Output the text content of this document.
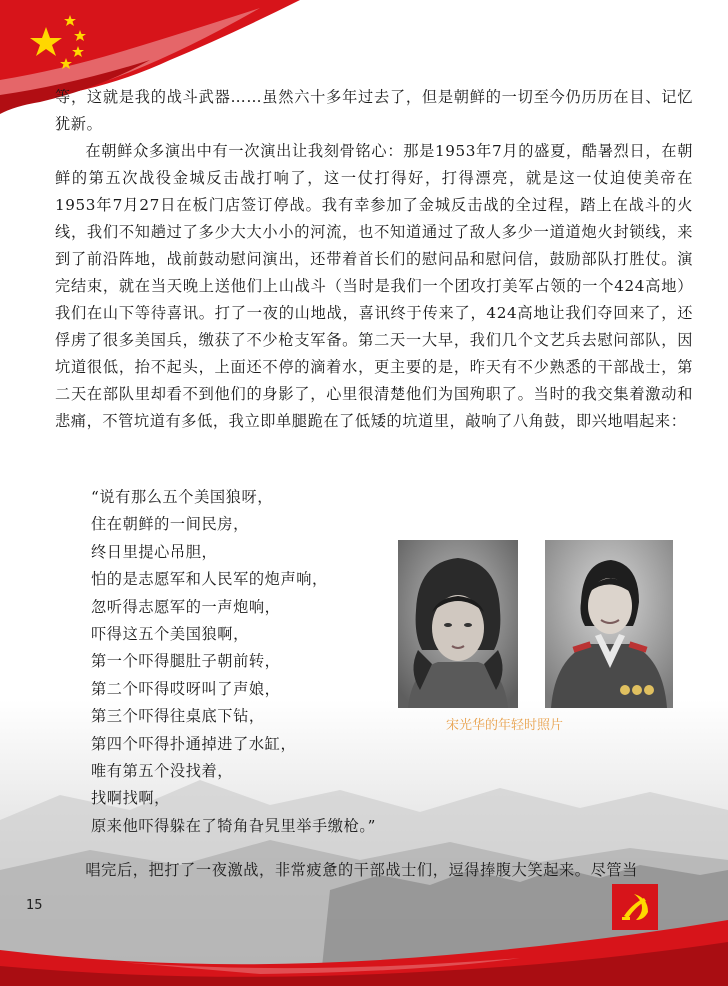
等，这就是我的战斗武器……虽然六十多年过去了，但是朝鲜的一切至今仍历历在目、记忆犹新。

在朝鲜众多演出中有一次演出让我刻骨铭心：那是1953年7月的盛夏，酷暑烈日，在朝鲜的第五次战役金城反击战打响了，这一仗打得好，打得漂亮，就是这一仗迫使美帝在1953年7月27日在板门店签订停战。我有幸参加了金城反击战的全过程，踏上在战斗的火线，我们不知趟过了多少大大小小的河流，也不知道通过了敌人多少一道道炮火封锁线，来到了前沿阵地，战前鼓动慰问演出，还带着首长们的慰问品和慰问信，鼓励部队打胜仗。演完结束，就在当天晚上送他们上山战斗（当时是我们一个团攻打美军占领的一个424高地）我们在山下等待喜讯。打了一夜的山地战，喜讯终于传来了，424高地让我们夺回来了，还俘虏了很多美国兵，缴获了不少枪支军备。第二天一大早，我们几个文艺兵去慰问部队，因坑道很低，抬不起头，上面还不停的滴着水，更主要的是，昨天有不少熟悉的干部战士，第二天在部队里却看不到他们的身影了，心里很清楚他们为国殉职了。当时的我交集着激动和悲痛，不管坑道有多低，我立即单腿跪在了低矮的坑道里，敲响了八角鼓，即兴地唱起来：

“说有那么五个美国狼呀，
住在朝鲜的一间民房，
终日里提心吊胆，
怕的是志愿军和人民军的炮声响，
忽听得志愿军的一声炮响，
吓得这五个美国狼啊，
第一个吓得腿肚子朝前转，
第二个吓得哎呀叫了声娘，
第三个吓得往桌底下钻，
第四个吓得扑通掉进了水缸，
唯有第五个没找着，
找啊找啊，
原来他吓得躲在了犄角旮旯里举手缴枪。”
宋光华的年轻时照片

唱完后，把打了一夜激战，非常疲惫的干部战士们，逗得捧腹大笑起来。尽管当

15
